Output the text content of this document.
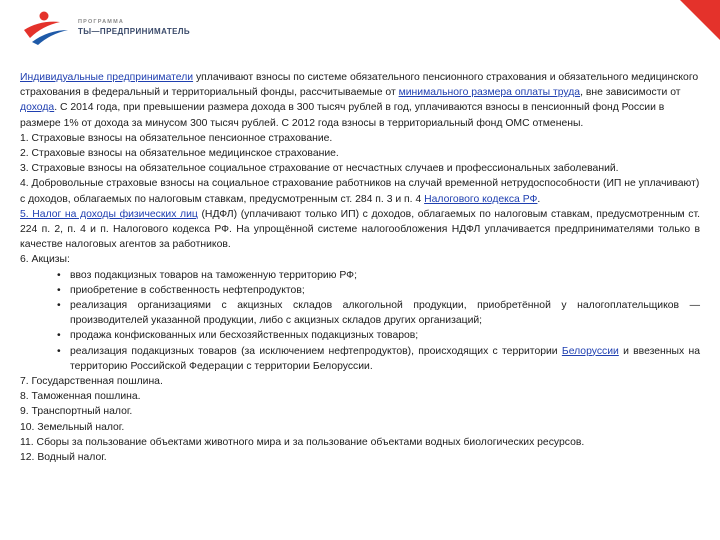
ПРОГРАММА
ТЫ—ПРЕДПРИНИМАТЕЛЬ

Индивидуальные предприниматели уплачивают взносы по системе обязательного пенсионного страхования и обязательного медицинского страхования в федеральный и территориальный фонды, рассчитываемые от минимального размера оплаты труда, вне зависимости от дохода. С 2014 года, при превышении размера дохода в 300 тысяч рублей в год, уплачиваются взносы в пенсионный фонд России в размере 1% от дохода за минусом 300 тысяч рублей. С 2012 года взносы в территориальный фонд ОМС отменены.

1. Страховые взносы на обязательное пенсионное страхование.

2. Страховые взносы на обязательное медицинское страхование.

3. Страховые взносы на обязательное социальное страхование от несчастных случаев и профессиональных заболеваний.

4. Добровольные страховые взносы на социальное страхование работников на случай временной нетрудоспособности (ИП не уплачивают) с доходов, облагаемых по налоговым ставкам, предусмотренным ст. 284 п. 3 и п. 4 Налогового кодекса РФ.

5. Налог на доходы физических лиц (НДФЛ) (уплачивают только ИП) с доходов, облагаемых по налоговым ставкам, предусмотренным ст. 224 п. 2, п. 4 и п. Налогового кодекса РФ. На упрощённой системе налогообложения НДФЛ уплачивается предпринимателями только в качестве налоговых агентов за работников.

6. Акцизы:

• ввоз подакцизных товаров на таможенную территорию РФ;
• приобретение в собственность нефтепродуктов;
• реализация организациями с акцизных складов алкогольной продукции, приобретённой у налогоплательщиков — производителей указанной продукции, либо с акцизных складов других организаций;
• продажа конфискованных или бесхозяйственных подакцизных товаров;
• реализация подакцизных товаров (за исключением нефтепродуктов), происходящих с территории Белоруссии и ввезенных на территорию Российской Федерации с территории Белоруссии.

7. Государственная пошлина.

8. Таможенная пошлина.

9. Транспортный налог.

10. Земельный налог.

11. Сборы за пользование объектами животного мира и за пользование объектами водных биологических ресурсов.

12. Водный налог.
